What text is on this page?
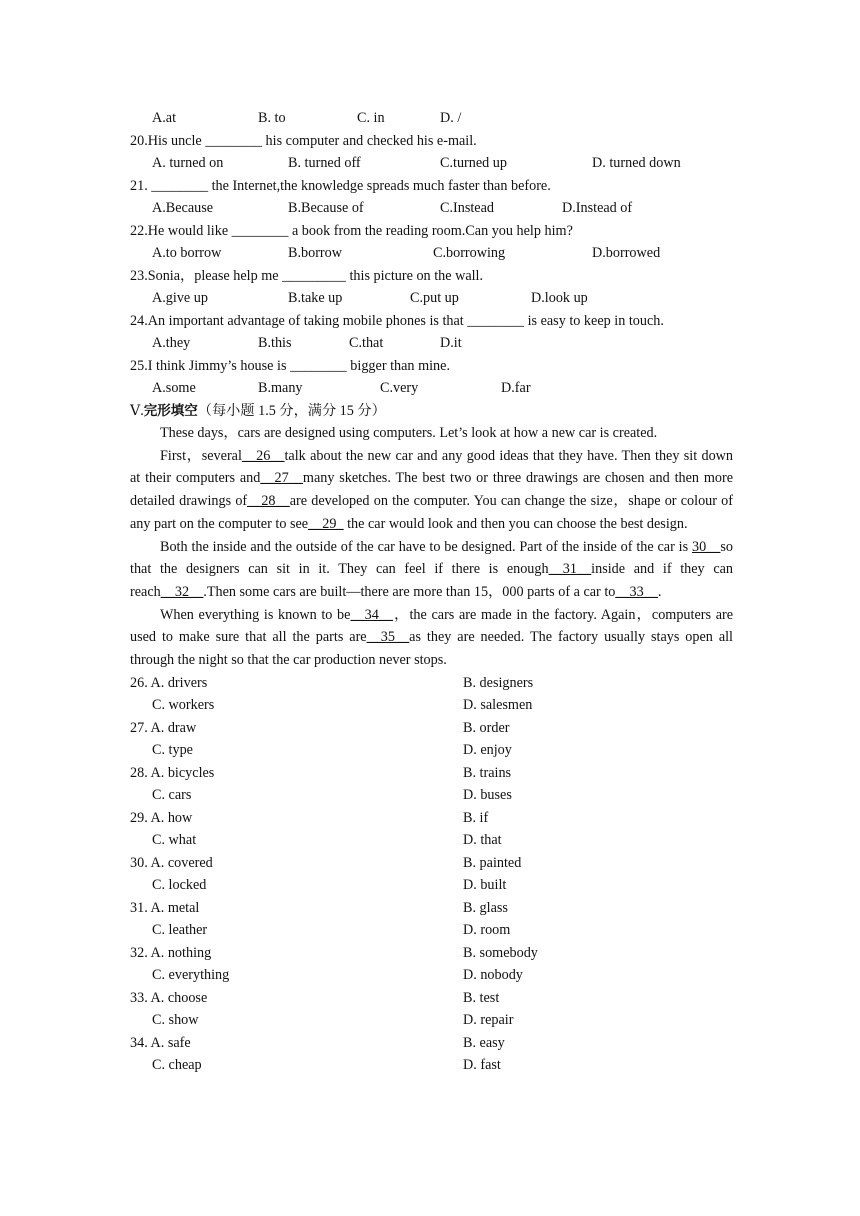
A.at	B. to	C. in	D. /
20.His uncle ________ his computer and checked his e-mail.
A. turned on	B. turned off	C.turned up	D. turned down
21. ________ the Internet,the knowledge spreads much faster than before.
A.Because	B.Because of	C.Instead	D.Instead of
22.He would like ________ a book from the reading room.Can you help him?
A.to borrow	B.borrow	C.borrowing	D.borrowed
23.Sonia，please help me _________ this picture on the wall.
A.give up	B.take up	C.put up	D.look up
24.An important advantage of taking mobile phones is that ________ is easy to keep in touch.
A.they	B.this	C.that	D.it
25.I think Jimmy’s house is ________ bigger than mine.
A.some	B.many	C.very	D.far
Ⅴ.完形填空（每小题 1.5 分，满分 15 分）

These days，cars are designed using computers. Let’s look at how a new car is created.

First，several__26__talk about the new car and any good ideas that they have. Then they sit down at their computers and__27__many sketches. The best two or three drawings are chosen and then more detailed drawings of__28__are developed on the computer. You can change the size，shape or colour of any part on the computer to see__29_ the car would look and then you can choose the best design.

Both the inside and the outside of the car have to be designed. Part of the inside of the car is 30__so that the designers can sit in it. They can feel if there is enough__31__inside and if they can reach__32__.Then some cars are built—there are more than 15，000 parts of a car to__33__.

When everything is known to be__34__，the cars are made in the factory. Again，computers are used to make sure that all the parts are__35__as they are needed. The factory usually stays open all through the night so that the car production never stops.

26. A. drivers	B. designers
C. workers	D. salesmen
27. A. draw	B. order
C. type	D. enjoy
28. A. bicycles	B. trains
C. cars	D. buses
29. A. how	B. if
C. what	D. that
30. A. covered	B. painted
C. locked	D. built
31. A. metal	B. glass
C. leather	D. room
32. A. nothing	B. somebody
C. everything	D. nobody
33. A. choose	B. test
C. show	D. repair
34. A. safe	B. easy
C. cheap	D. fast
